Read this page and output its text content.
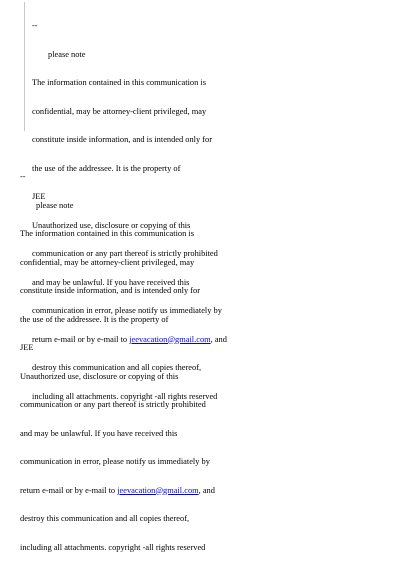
--

please note

The information contained in this communication is

confidential, may be attorney-client privileged, may

constitute inside information, and is intended only for

the use of the addressee. It is the property of

JEE

Unauthorized use, disclosure or copying of this

communication or any part thereof is strictly prohibited

and may be unlawful. If you have received this

communication in error, please notify us immediately by

return e-mail or by e-mail to jeevacation@gmail.com, and

destroy this communication and all copies thereof,

including all attachments. copyright -all rights reserved

--

please note

The information contained in this communication is

confidential, may be attorney-client privileged, may

constitute inside information, and is intended only for

the use of the addressee. It is the property of

JEE

Unauthorized use, disclosure or copying of this

communication or any part thereof is strictly prohibited

and may be unlawful. If you have received this

communication in error, please notify us immediately by

return e-mail or by e-mail to jeevacation@gmail.com, and

destroy this communication and all copies thereof,

including all attachments. copyright -all rights reserved
